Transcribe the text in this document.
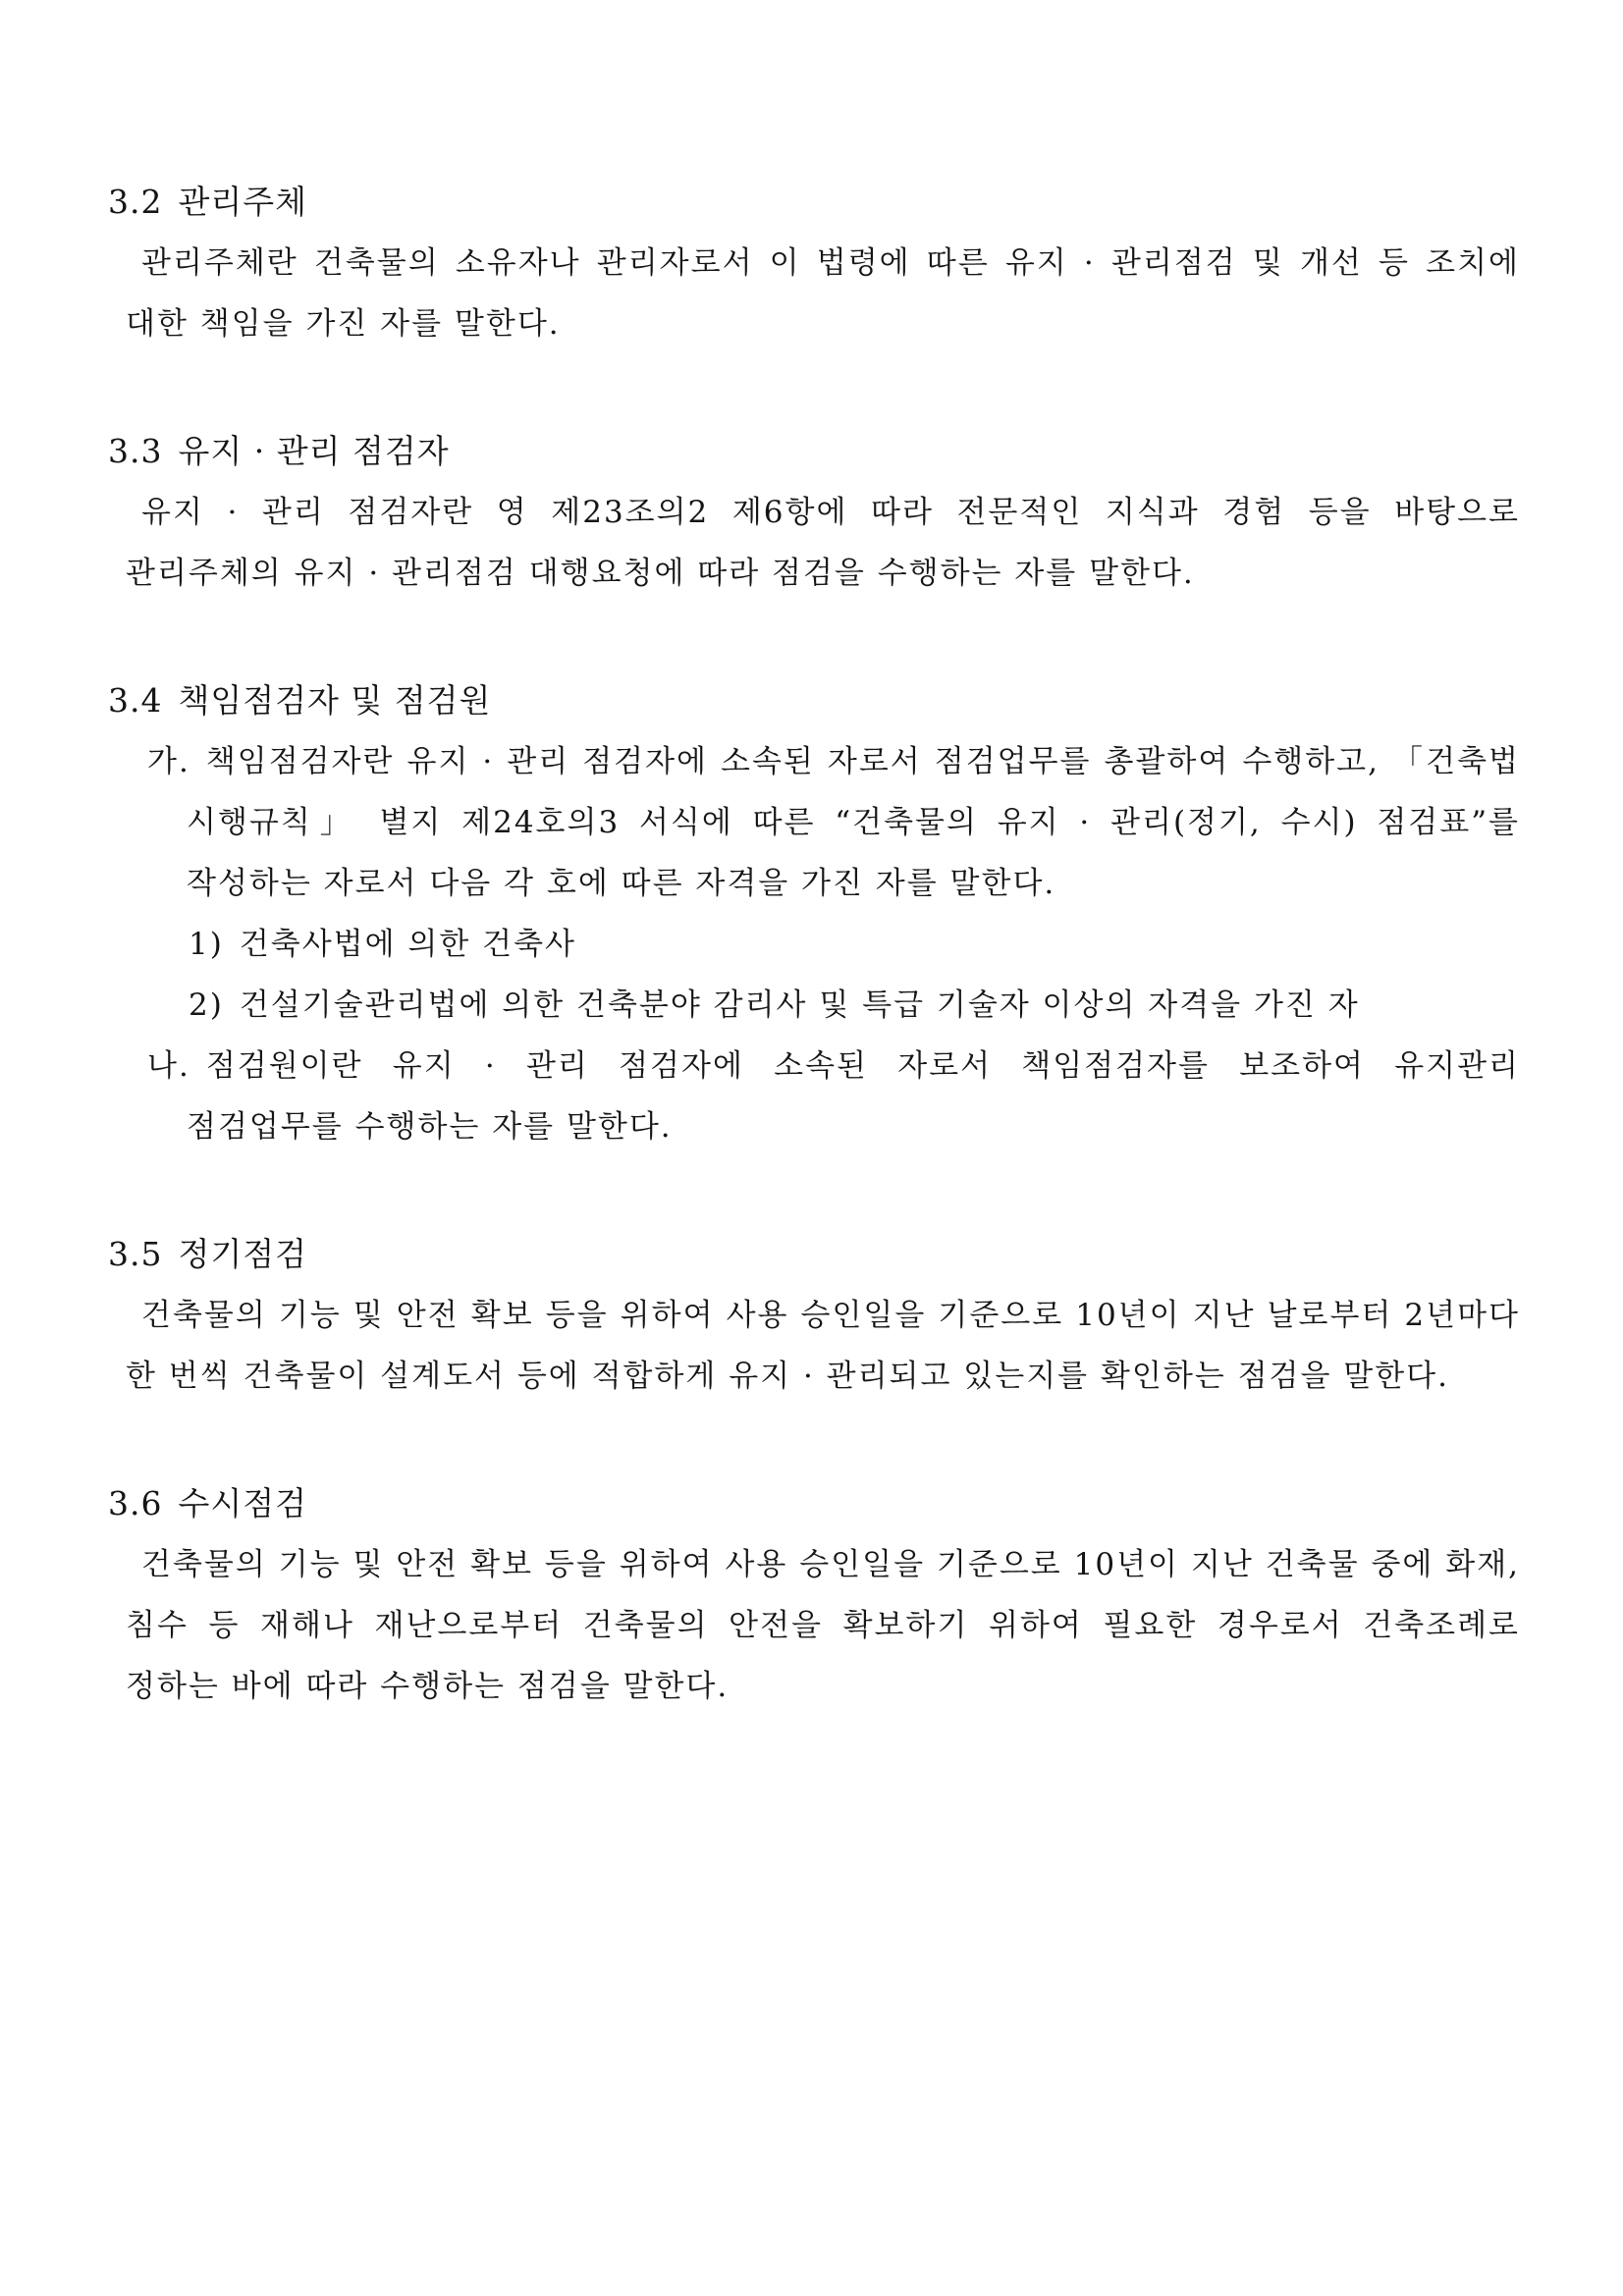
3.2 관리주체

관리주체란 건축물의 소유자나 관리자로서 이 법령에 따른 유지 · 관리점검 및 개선 등 조치에 대한 책임을 가진 자를 말한다.

3.3 유지 · 관리 점검자

유지 · 관리 점검자란 영 제23조의2 제6항에 따라 전문적인 지식과 경험 등을 바탕으로 관리주체의 유지 · 관리점검 대행요청에 따라 점검을 수행하는 자를 말한다.

3.4 책임점검자 및 점검원

가. 책임점검자란 유지 · 관리 점검자에 소속된 자로서 점검업무를 총괄하여 수행하고, 「건축법 시행규칙」 별지 제24호의3 서식에 따른 “건축물의 유지 · 관리(정기, 수시) 점검표”를 작성하는 자로서 다음 각 호에 따른 자격을 가진 자를 말한다.

1) 건축사법에 의한 건축사

2) 건설기술관리법에 의한 건축분야 감리사 및 특급 기술자 이상의 자격을 가진 자

나. 점검원이란 유지 · 관리 점검자에 소속된 자로서 책임점검자를 보조하여 유지관리 점검업무를 수행하는 자를 말한다.

3.5 정기점검

건축물의 기능 및 안전 확보 등을 위하여 사용 승인일을 기준으로 10년이 지난 날로부터 2년마다 한 번씩 건축물이 설계도서 등에 적합하게 유지 · 관리되고 있는지를 확인하는 점검을 말한다.

3.6 수시점검

건축물의 기능 및 안전 확보 등을 위하여 사용 승인일을 기준으로 10년이 지난 건축물 중에 화재, 침수 등 재해나 재난으로부터 건축물의 안전을 확보하기 위하여 필요한 경우로서 건축조례로 정하는 바에 따라 수행하는 점검을 말한다.
